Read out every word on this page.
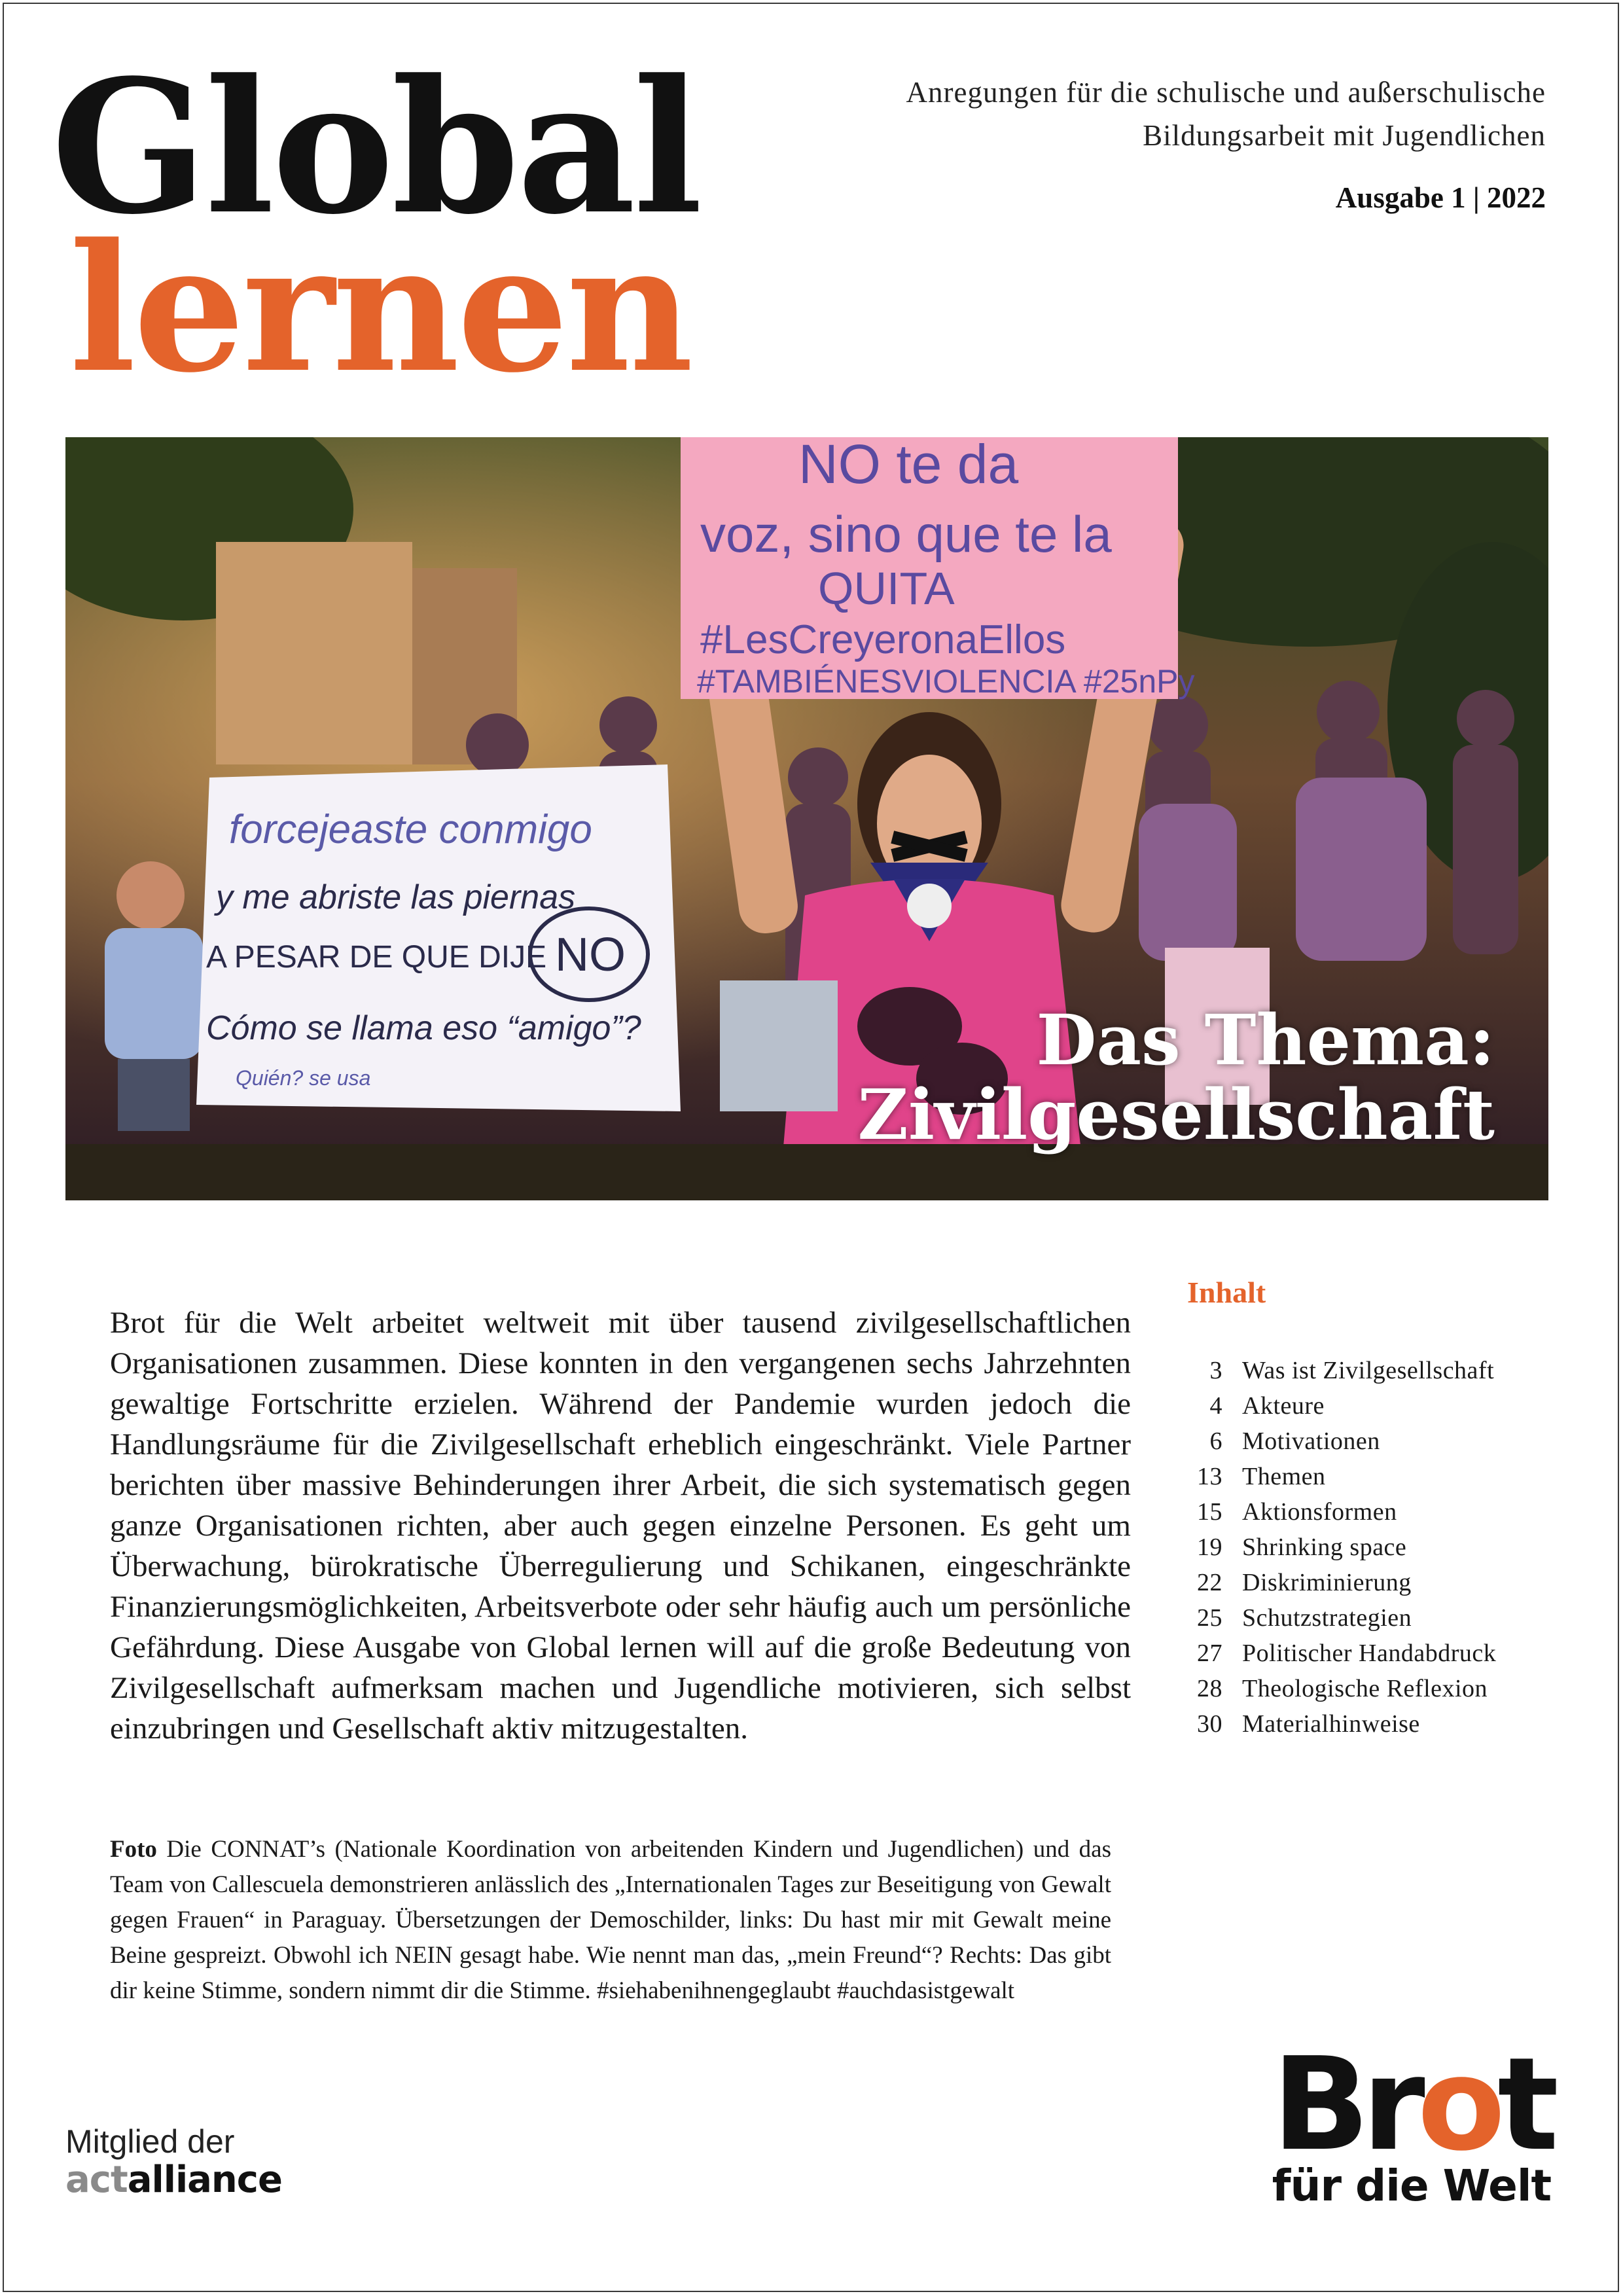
Global
lernen
Anregungen für die schulische und außerschulische
Bildungsarbeit mit Jugendlichen
Ausgabe 1 | 2022
forcejeaste conmigo
y me abriste las piernas
A PESAR DE QUE DIJE NO
Cómo se llama eso “amigo”?
Quién? se usa
NO te da
voz, sino que te la
QUITA
#LesCreyeronaEllos
#TAMBIÉNESVIOLENCIA #25nPy
Das Thema:
Zivilgesellschaft

Brot für die Welt arbeitet weltweit mit über tausend zivilgesellschaftlichen Organisationen zusammen. Diese konnten in den vergangenen sechs Jahrzehnten gewaltige Fortschritte erzielen. Während der Pandemie wurden jedoch die Handlungsräume für die Zivilgesellschaft erheblich eingeschränkt. Viele Partner berichten über massive Behinderungen ihrer Arbeit, die sich systematisch gegen ganze Organisationen richten, aber auch gegen einzelne Personen. Es geht um Überwachung, bürokratische Überregulierung und Schikanen, eingeschränkte Finanzierungsmöglichkeiten, Arbeitsverbote oder sehr häufig auch um persönliche Gefährdung. Diese Ausgabe von Global lernen will auf die große Bedeutung von Zivilgesellschaft aufmerksam machen und Jugendliche motivieren, sich selbst einzubringen und Gesellschaft aktiv mitzugestalten.

Foto Die CONNAT’s (Nationale Koordination von arbeitenden Kindern und Jugendlichen) und das Team von Callescuela demonstrieren anlässlich des „Internationalen Tages zur Beseitigung von Gewalt gegen Frauen“ in Paraguay. Übersetzungen der Demoschilder, links: Du hast mir mit Gewalt meine Beine gespreizt. Obwohl ich NEIN gesagt habe. Wie nennt man das, „mein Freund“? Rechts: Das gibt dir keine Stimme, sondern nimmt dir die Stimme. #siehabenihnengeglaubt #auchdasistgewalt

Inhalt
3 Was ist Zivilgesellschaft
4 Akteure
6 Motivationen
13 Themen
15 Aktionsformen
19 Shrinking space
22 Diskriminierung
25 Schutzstrategien
27 Politischer Handabdruck
28 Theologische Reflexion
30 Materialhinweise
Mitglied der
actalliance
Brot
für die Welt
